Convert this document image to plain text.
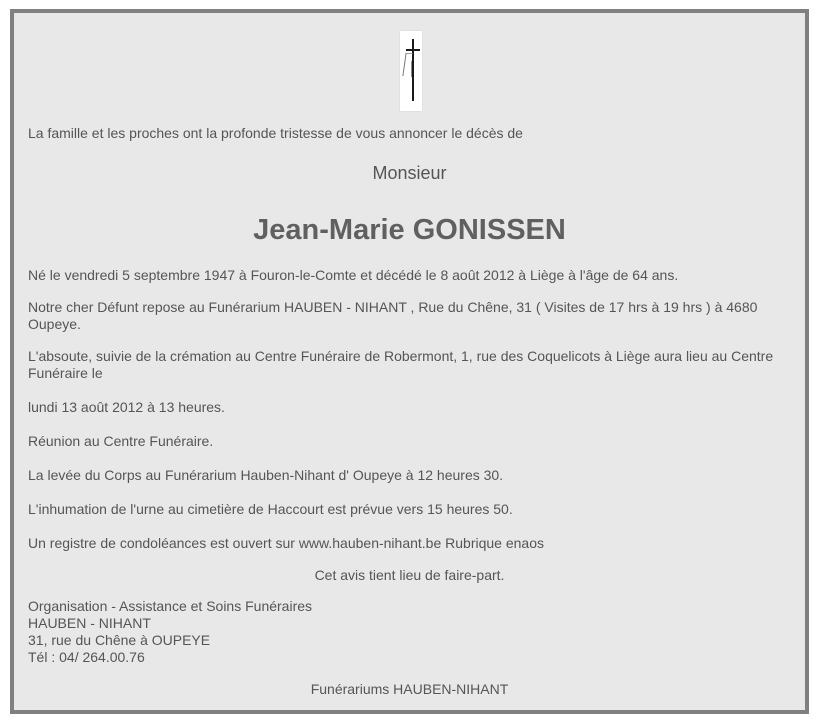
La famille et les proches ont la profonde tristesse de vous annoncer le décès de
Monsieur
Jean-Marie GONISSEN
Né le vendredi 5 septembre 1947 à Fouron-le-Comte et décédé le 8 août 2012 à Liège à l'âge de 64 ans.
Notre cher Défunt repose au Funérarium HAUBEN - NIHANT , Rue du Chêne, 31 ( Visites de 17 hrs à 19 hrs ) à 4680 Oupeye.
L'absoute, suivie de la crémation au Centre Funéraire de Robermont, 1, rue des Coquelicots à Liège aura lieu au Centre Funéraire le
lundi 13 août 2012 à 13 heures.
Réunion au Centre Funéraire.
La levée du Corps au Funérarium Hauben-Nihant d' Oupeye à 12 heures 30.
L'inhumation de l'urne au cimetière de Haccourt est prévue vers 15 heures 50.
Un registre de condoléances est ouvert sur www.hauben-nihant.be Rubrique enaos
Cet avis tient lieu de faire-part.
Organisation - Assistance et Soins Funéraires
HAUBEN - NIHANT
31, rue du Chêne à OUPEYE
Tél : 04/ 264.00.76
Funérariums HAUBEN-NIHANT
